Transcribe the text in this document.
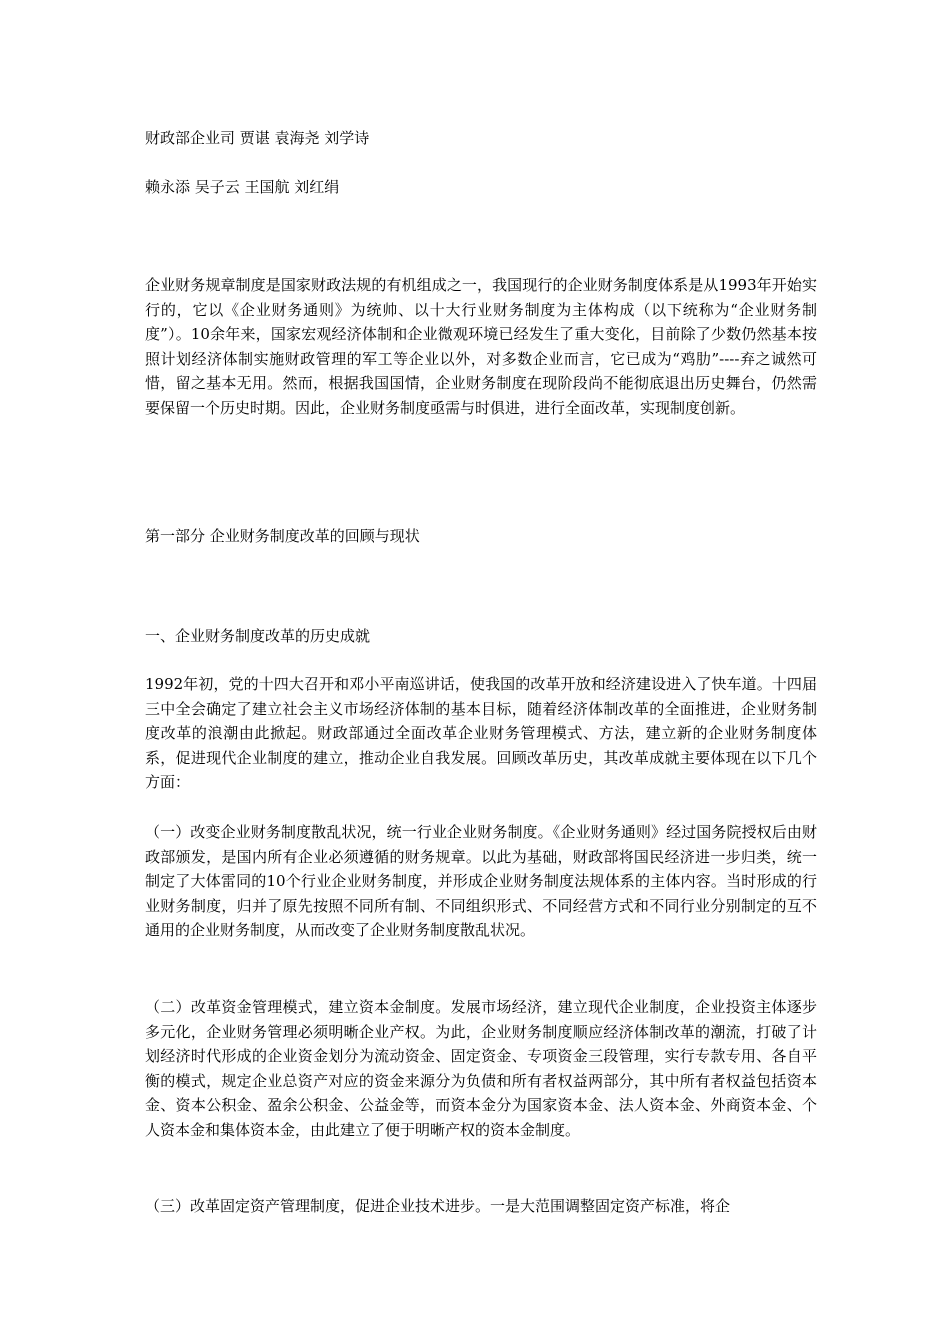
财政部企业司 贾谌 袁海尧 刘学诗
赖永添 吴子云 王国航 刘红绢
企业财务规章制度是国家财政法规的有机组成之一，我国现行的企业财务制度体系是从1993年开始实行的，它以《企业财务通则》为统帅、以十大行业财务制度为主体构成（以下统称为“企业财务制度”）。10余年来，国家宏观经济体制和企业微观环境已经发生了重大变化，目前除了少数仍然基本按照计划经济体制实施财政管理的军工等企业以外，对多数企业而言，它已成为“鸡肋”----弃之诚然可惜，留之基本无用。然而，根据我国国情，企业财务制度在现阶段尚不能彻底退出历史舞台，仍然需要保留一个历史时期。因此，企业财务制度亟需与时俱进，进行全面改革，实现制度创新。
第一部分 企业财务制度改革的回顾与现状
一、企业财务制度改革的历史成就
1992年初，党的十四大召开和邓小平南巡讲话，使我国的改革开放和经济建设进入了快车道。十四届三中全会确定了建立社会主义市场经济体制的基本目标，随着经济体制改革的全面推进，企业财务制度改革的浪潮由此掀起。财政部通过全面改革企业财务管理模式、方法，建立新的企业财务制度体系，促进现代企业制度的建立，推动企业自我发展。回顾改革历史，其改革成就主要体现在以下几个方面：
（一）改变企业财务制度散乱状况，统一行业企业财务制度。《企业财务通则》经过国务院授权后由财政部颁发，是国内所有企业必须遵循的财务规章。以此为基础，财政部将国民经济进一步归类，统一制定了大体雷同的10个行业企业财务制度，并形成企业财务制度法规体系的主体内容。当时形成的行业财务制度，归并了原先按照不同所有制、不同组织形式、不同经营方式和不同行业分别制定的互不通用的企业财务制度，从而改变了企业财务制度散乱状况。
（二）改革资金管理模式，建立资本金制度。发展市场经济，建立现代企业制度，企业投资主体逐步多元化，企业财务管理必须明晰企业产权。为此，企业财务制度顺应经济体制改革的潮流，打破了计划经济时代形成的企业资金划分为流动资金、固定资金、专项资金三段管理，实行专款专用、各自平衡的模式，规定企业总资产对应的资金来源分为负债和所有者权益两部分，其中所有者权益包括资本金、资本公积金、盈余公积金、公益金等，而资本金分为国家资本金、法人资本金、外商资本金、个人资本金和集体资本金，由此建立了便于明晰产权的资本金制度。
（三）改革固定资产管理制度，促进企业技术进步。一是大范围调整固定资产标准，将企
